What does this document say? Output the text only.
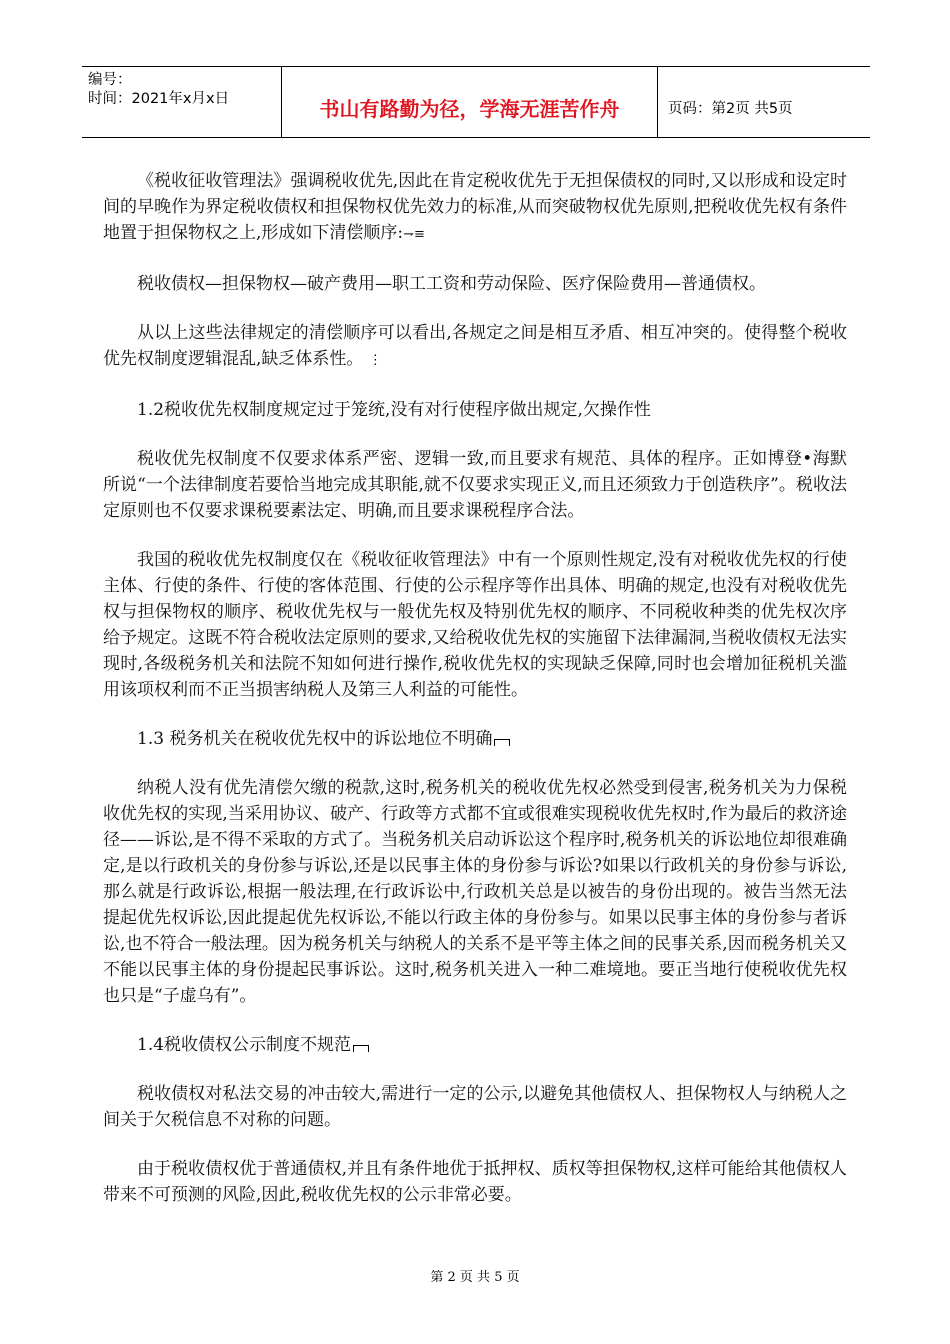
编号：
时间：2021年x月x日	书山有路勤为径，学海无涯苦作舟	页码：第2页 共5页

《税收征收管理法》强调税收优先,因此在肯定税收优先于无担保债权的同时,又以形成和设定时间的早晚作为界定税收债权和担保物权优先效力的标准,从而突破物权优先原则,把税收优先权有条件地置于担保物权之上,形成如下清偿顺序:⇁≡

税收债权—担保物权—破产费用—职工工资和劳动保险、医疗保险费用—普通债权。

从以上这些法律规定的清偿顺序可以看出,各规定之间是相互矛盾、相互冲突的。使得整个税收优先权制度逻辑混乱,缺乏体系性。 ⋮

1.2税收优先权制度规定过于笼统,没有对行使程序做出规定,欠操作性

税收优先权制度不仅要求体系严密、逻辑一致,而且要求有规范、具体的程序。正如博登•海默所说“一个法律制度若要恰当地完成其职能,就不仅要求实现正义,而且还须致力于创造秩序”。税收法定原则也不仅要求课税要素法定、明确,而且要求课税程序合法。

我国的税收优先权制度仅在《税收征收管理法》中有一个原则性规定,没有对税收优先权的行使主体、行使的条件、行使的客体范围、行使的公示程序等作出具体、明确的规定,也没有对税收优先权与担保物权的顺序、税收优先权与一般优先权及特别优先权的顺序、不同税收种类的优先权次序给予规定。这既不符合税收法定原则的要求,又给税收优先权的实施留下法律漏洞,当税收债权无法实现时,各级税务机关和法院不知如何进行操作,税收优先权的实现缺乏保障,同时也会增加征税机关滥用该项权利而不正当损害纳税人及第三人利益的可能性。

1.3 税务机关在税收优先权中的诉讼地位不明确

纳税人没有优先清偿欠缴的税款,这时,税务机关的税收优先权必然受到侵害,税务机关为力保税收优先权的实现,当采用协议、破产、行政等方式都不宜或很难实现税收优先权时,作为最后的救济途径——诉讼,是不得不采取的方式了。当税务机关启动诉讼这个程序时,税务机关的诉讼地位却很难确定,是以行政机关的身份参与诉讼,还是以民事主体的身份参与诉讼?如果以行政机关的身份参与诉讼,那么就是行政诉讼,根据一般法理,在行政诉讼中,行政机关总是以被告的身份出现的。被告当然无法提起优先权诉讼,因此提起优先权诉讼,不能以行政主体的身份参与。如果以民事主体的身份参与者诉讼,也不符合一般法理。因为税务机关与纳税人的关系不是平等主体之间的民事关系,因而税务机关又不能以民事主体的身份提起民事诉讼。这时,税务机关进入一种二难境地。要正当地行使税收优先权也只是“子虚乌有”。

1.4税收债权公示制度不规范

税收债权对私法交易的冲击较大,需进行一定的公示,以避免其他债权人、担保物权人与纳税人之间关于欠税信息不对称的问题。

由于税收债权优于普通债权,并且有条件地优于抵押权、质权等担保物权,这样可能给其他债权人带来不可预测的风险,因此,税收优先权的公示非常必要。

第 2 页 共 5 页
